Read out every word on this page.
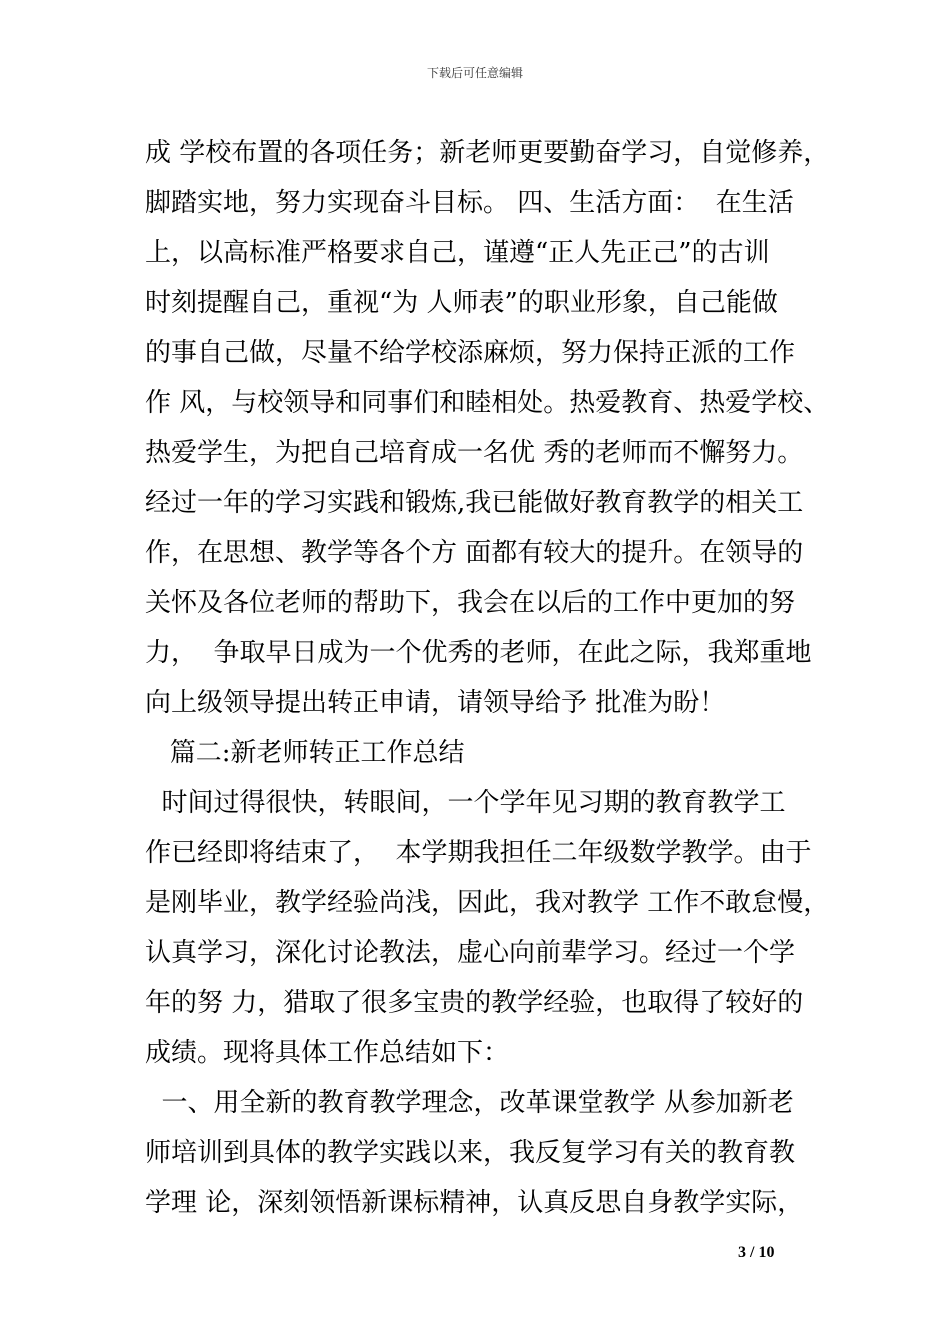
下载后可任意编辑
成 学校布置的各项任务；新老师更要勤奋学习，自觉修养，
脚踏实地，努力实现奋斗目标。 四、生活方面：  在生活
上，以高标准严格要求自己，谨遵“正人先正己”的古训
时刻提醒自己，重视“为 人师表”的职业形象，自己能做
的事自己做，尽量不给学校添麻烦，努力保持正派的工作
作 风，与校领导和同事们和睦相处。热爱教育、热爱学校、
热爱学生，为把自己培育成一名优 秀的老师而不懈努力。
经过一年的学习实践和锻炼,我已能做好教育教学的相关工
作，在思想、教学等各个方 面都有较大的提升。在领导的
关怀及各位老师的帮助下，我会在以后的工作中更加的努
力，  争取早日成为一个优秀的老师，在此之际，我郑重地
向上级领导提出转正申请，请领导给予 批准为盼！
篇二:新老师转正工作总结
时间过得很快，转眼间，一个学年见习期的教育教学工
作已经即将结束了，  本学期我担任二年级数学教学。由于
是刚毕业，教学经验尚浅，因此，我对教学 工作不敢怠慢，
认真学习，深化讨论教法，虚心向前辈学习。经过一个学
年的努 力，猎取了很多宝贵的教学经验，也取得了较好的
成绩。现将具体工作总结如下：
一、用全新的教育教学理念，改革课堂教学 从参加新老
师培训到具体的教学实践以来，我反复学习有关的教育教
学理 论，深刻领悟新课标精神，认真反思自身教学实际，
3 / 10
